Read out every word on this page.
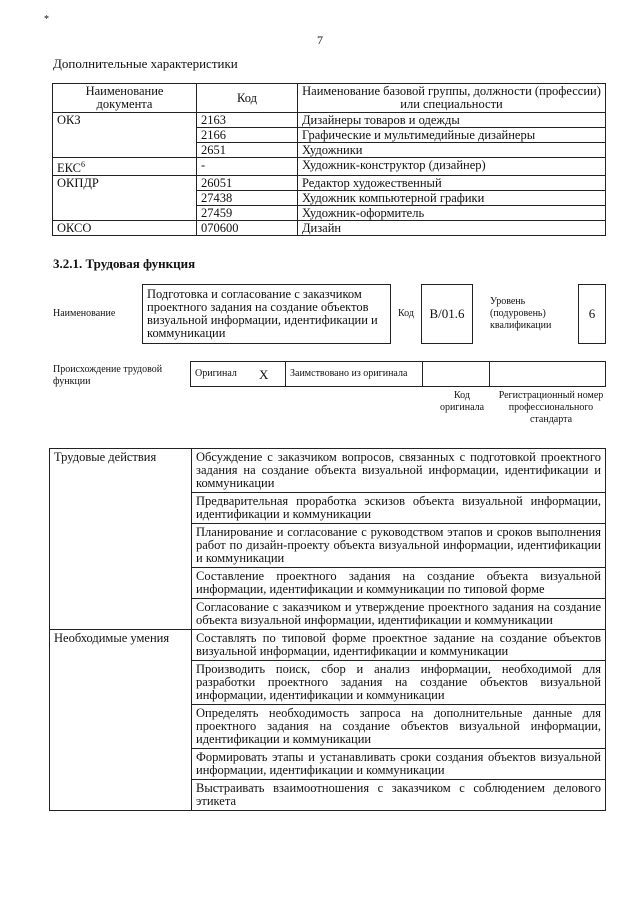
*
7
Дополнительные характеристики
Наименование документа	Код	Наименование базовой группы, должности (профессии) или специальности
ОКЗ	2163	Дизайнеры товаров и одежды
	2166	Графические и мультимедийные дизайнеры
	2651	Художники
ЕКС$^6$	-	Художник-конструктор (дизайнер)
ОКПДР	26051	Редактор художественный
	27438	Художник компьютерной графики
	27459	Художник-оформитель
ОКСО	070600	Дизайн
3.2.1. Трудовая функция
Наименование
Подготовка и согласование с заказчиком проектного задания на создание объектов визуальной информации, идентификации и коммуникации
Код	B/01.6
Уровень (подуровень) квалификации
6
Происхождение трудовой функции
Оригинал	X	Заимствовано из оригинала		
Код оригинала
Регистрационный номер профессионального стандарта
Трудовые действия	Обсуждение с заказчиком вопросов, связанных с подготовкой проектного задания на создание объекта визуальной информации, идентификации и коммуникации
	Предварительная проработка эскизов объекта визуальной информации, идентификации и коммуникации
	Планирование и согласование с руководством этапов и сроков выполнения работ по дизайн-проекту объекта визуальной информации, идентификации и коммуникации
	Составление проектного задания на создание объекта визуальной информации, идентификации и коммуникации по типовой форме
	Согласование с заказчиком и утверждение проектного задания на создание объекта визуальной информации, идентификации и коммуникации
Необходимые умения	Составлять по типовой форме проектное задание на создание объектов визуальной информации, идентификации и коммуникации
	Производить поиск, сбор и анализ информации, необходимой для разработки проектного задания на создание объектов визуальной информации, идентификации и коммуникации
	Определять необходимость запроса на дополнительные данные для проектного задания на создание объектов визуальной информации, идентификации и коммуникации
	Формировать этапы и устанавливать сроки создания объектов визуальной информации, идентификации и коммуникации
	Выстраивать взаимоотношения с заказчиком с соблюдением делового этикета
